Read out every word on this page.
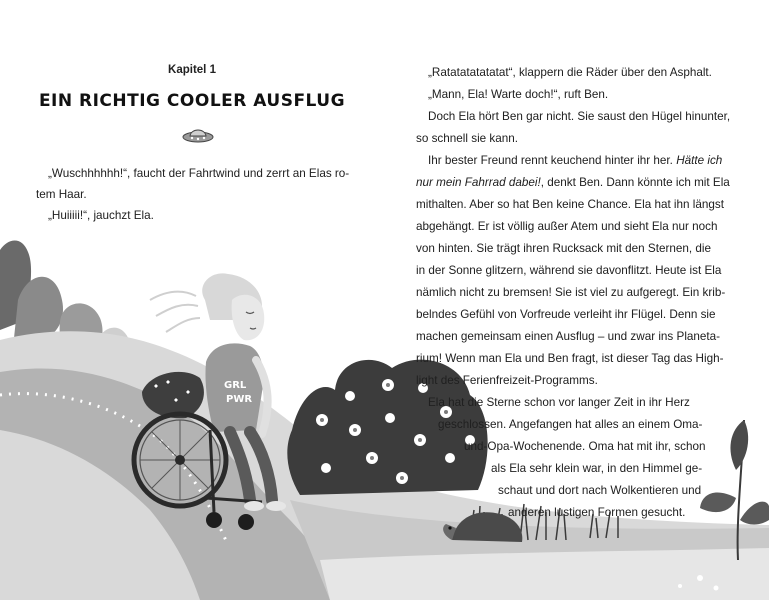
GRL
PWR
Kapitel 1
EIN RICHTIG COOLER AUSFLUG
„Wuschhhhhh!“, faucht der Fahrtwind und zerrt an Elas ro-
tem Haar.
„Huiiiii!“, jauchzt Ela.
„Ratatatatatatat“, klappern die Räder über den Asphalt.
„Mann, Ela! Warte doch!“, ruft Ben.
Doch Ela hört Ben gar nicht. Sie saust den Hügel hinunter,
so schnell sie kann.
Ihr bester Freund rennt keuchend hinter ihr her. Hätte ich
nur mein Fahrrad dabei!, denkt Ben. Dann könnte ich mit Ela
mithalten. Aber so hat Ben keine Chance. Ela hat ihn längst
abgehängt. Er ist völlig außer Atem und sieht Ela nur noch
von hinten. Sie trägt ihren Rucksack mit den Sternen, die
in der Sonne glitzern, während sie davonflitzt. Heute ist Ela
nämlich nicht zu bremsen! Sie ist viel zu aufgeregt. Ein krib-
belndes Gefühl von Vorfreude verleiht ihr Flügel. Denn sie
machen gemeinsam einen Ausflug – und zwar ins Planeta-
rium! Wenn man Ela und Ben fragt, ist dieser Tag das High-
light des Ferienfreizeit-Programms.
Ela hat die Sterne schon vor langer Zeit in ihr Herz
geschlossen. Angefangen hat alles an einem Oma-
und-Opa-Wochenende. Oma hat mit ihr, schon
als Ela sehr klein war, in den Himmel ge-
schaut und dort nach Wolkentieren und
anderen lustigen Formen gesucht.
